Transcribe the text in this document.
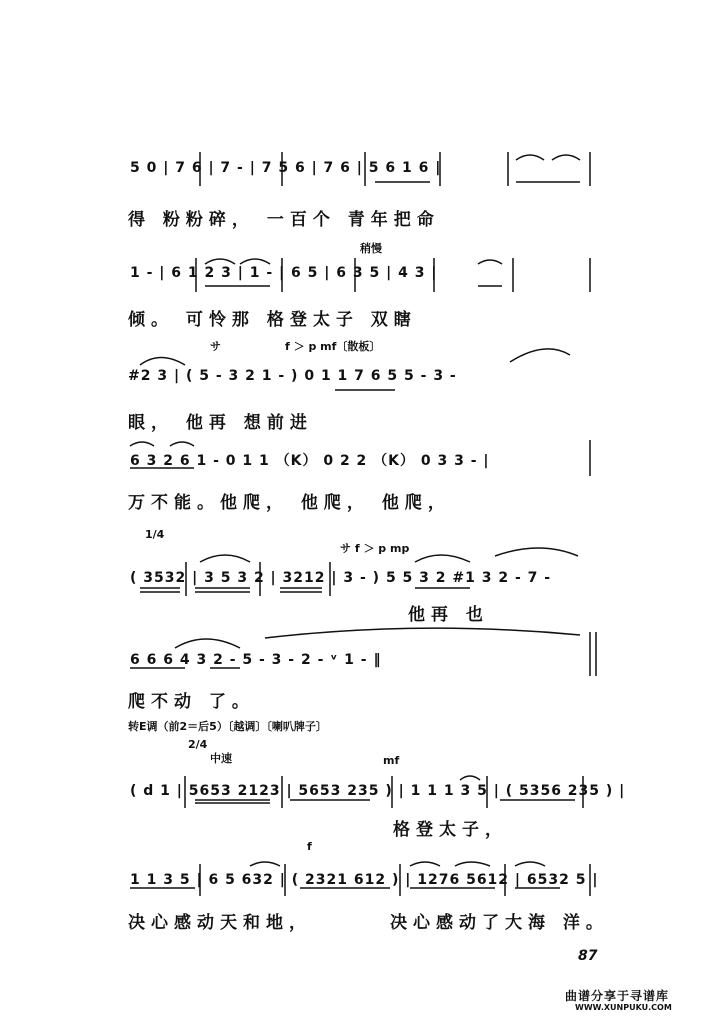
5 0 | 7 6 | 7 - | 7 5 6 | 7 6 | 5 6 1 6 |
得 粉粉碎， 一百个 青年把命
稍慢
1 - | 6 1 2 3 | 1 - | 6 5 | 6 3 5 | 4 3 |
倾。 可怜那 格登太子 双瞎
サ	f ＞ p mf〔散板〕
#2 3 | ( 5 - 3 2 1 - ) 0 1 1 7 6 5 5 - 3 -
眼， 他再 想前进
6 3 2 6 1 - 0 1 1 （K） 0 2 2 （K） 0 3 3 - |
万不能。他爬， 他爬， 他爬，
1/4
サ f ＞ p mp
( 3532 | 3 5 3 2 | 3212 | 3 - ) 5 5 3 2 #1 3 2 - 7 -
他再 也
6 6 6 4 3 2 - 5 - 3 - 2 - ᵛ 1 - ‖
爬不动 了。
转E调（前2＝后5）〔越调〕〔喇叭牌子〕
2/4
中速	mf
( d 1 | 5653 2123 | 5653 235 ) | 1 1 1 3 5 | ( 5356 235 ) |
格登太子，
f
1 1 3 5 | 6 5 632 | ( 2321 612 ) | 1276 5612 | 6532 5 |
决心感动天和地，	决心感动了大海 洋。
87
曲谱分享于寻谱库
WWW.XUNPUKU.COM
